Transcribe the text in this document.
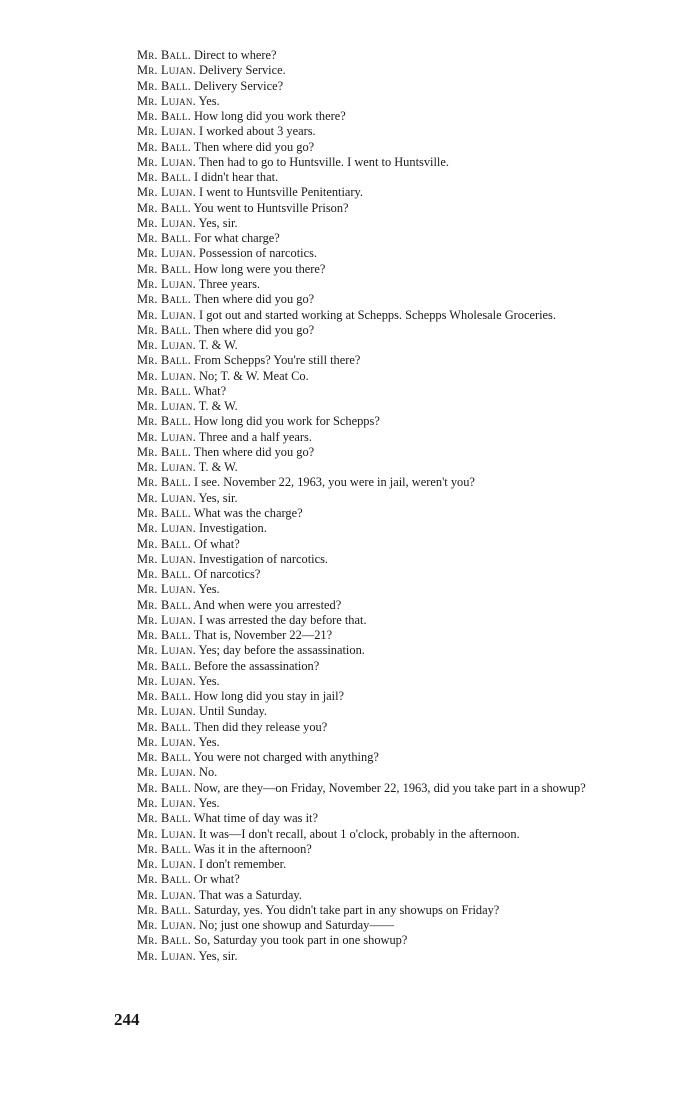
Mr. Ball. Direct to where?
Mr. Lujan. Delivery Service.
Mr. Ball. Delivery Service?
Mr. Lujan. Yes.
Mr. Ball. How long did you work there?
Mr. Lujan. I worked about 3 years.
Mr. Ball. Then where did you go?
Mr. Lujan. Then had to go to Huntsville. I went to Huntsville.
Mr. Ball. I didn't hear that.
Mr. Lujan. I went to Huntsville Penitentiary.
Mr. Ball. You went to Huntsville Prison?
Mr. Lujan. Yes, sir.
Mr. Ball. For what charge?
Mr. Lujan. Possession of narcotics.
Mr. Ball. How long were you there?
Mr. Lujan. Three years.
Mr. Ball. Then where did you go?
Mr. Lujan. I got out and started working at Schepps. Schepps Wholesale Groceries.
Mr. Ball. Then where did you go?
Mr. Lujan. T. & W.
Mr. Ball. From Schepps? You're still there?
Mr. Lujan. No; T. & W. Meat Co.
Mr. Ball. What?
Mr. Lujan. T. & W.
Mr. Ball. How long did you work for Schepps?
Mr. Lujan. Three and a half years.
Mr. Ball. Then where did you go?
Mr. Lujan. T. & W.
Mr. Ball. I see. November 22, 1963, you were in jail, weren't you?
Mr. Lujan. Yes, sir.
Mr. Ball. What was the charge?
Mr. Lujan. Investigation.
Mr. Ball. Of what?
Mr. Lujan. Investigation of narcotics.
Mr. Ball. Of narcotics?
Mr. Lujan. Yes.
Mr. Ball. And when were you arrested?
Mr. Lujan. I was arrested the day before that.
Mr. Ball. That is, November 22—21?
Mr. Lujan. Yes; day before the assassination.
Mr. Ball. Before the assassination?
Mr. Lujan. Yes.
Mr. Ball. How long did you stay in jail?
Mr. Lujan. Until Sunday.
Mr. Ball. Then did they release you?
Mr. Lujan. Yes.
Mr. Ball. You were not charged with anything?
Mr. Lujan. No.
Mr. Ball. Now, are they—on Friday, November 22, 1963, did you take part in a showup?
Mr. Lujan. Yes.
Mr. Ball. What time of day was it?
Mr. Lujan. It was—I don't recall, about 1 o'clock, probably in the afternoon.
Mr. Ball. Was it in the afternoon?
Mr. Lujan. I don't remember.
Mr. Ball. Or what?
Mr. Lujan. That was a Saturday.
Mr. Ball. Saturday, yes. You didn't take part in any showups on Friday?
Mr. Lujan. No; just one showup and Saturday——
Mr. Ball. So, Saturday you took part in one showup?
Mr. Lujan. Yes, sir.
244
